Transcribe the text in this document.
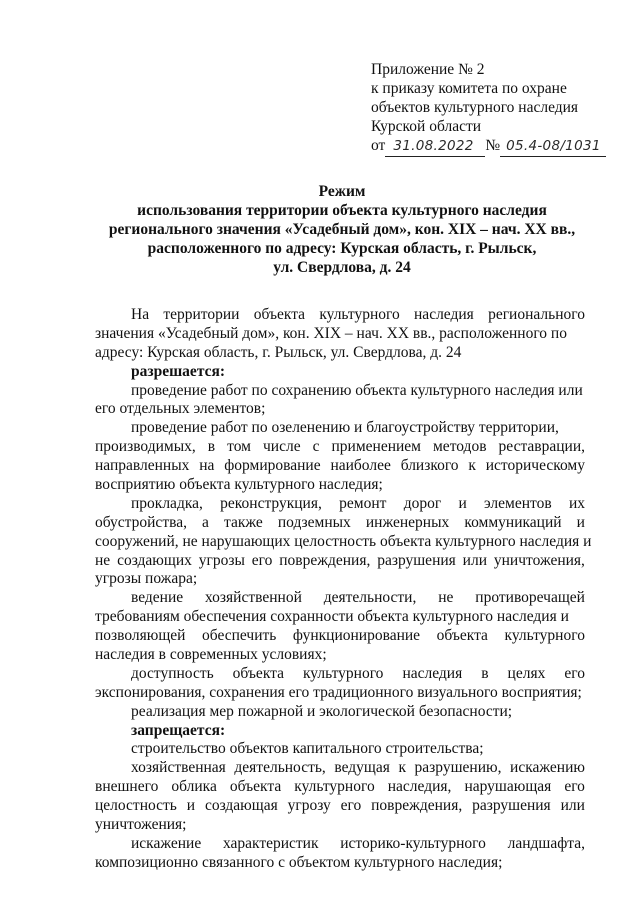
Приложение № 2
к приказу комитета по охране
объектов культурного наследия
Курской области
от 31.08.2022 № 05.4-08/1031
Режим
использования территории объекта культурного наследия
регионального значения «Усадебный дом», кон. XIX – нач. XX вв.,
расположенного по адресу: Курская область, г. Рыльск,
ул. Свердлова, д. 24
На территории объекта культурного наследия регионального
значения «Усадебный дом», кон. XIX – нач. XX вв., расположенного по
адресу: Курская область, г. Рыльск, ул. Свердлова, д. 24
разрешается:
проведение работ по сохранению объекта культурного наследия или
его отдельных элементов;
проведение работ по озеленению и благоустройству территории,
производимых, в том числе с применением методов реставрации,
направленных на формирование наиболее близкого к историческому
восприятию объекта культурного наследия;
прокладка, реконструкция, ремонт дорог и элементов их
обустройства, а также подземных инженерных коммуникаций и
сооружений, не нарушающих целостность объекта культурного наследия и
не создающих угрозы его повреждения, разрушения или уничтожения,
угрозы пожара;
ведение хозяйственной деятельности, не противоречащей
требованиям обеспечения сохранности объекта культурного наследия и
позволяющей обеспечить функционирование объекта культурного
наследия в современных условиях;
доступность объекта культурного наследия в целях его
экспонирования, сохранения его традиционного визуального восприятия;
реализация мер пожарной и экологической безопасности;
запрещается:
строительство объектов капитального строительства;
хозяйственная деятельность, ведущая к разрушению, искажению
внешнего облика объекта культурного наследия, нарушающая его
целостность и создающая угрозу его повреждения, разрушения или
уничтожения;
искажение характеристик историко-культурного ландшафта,
композиционно связанного с объектом культурного наследия;
